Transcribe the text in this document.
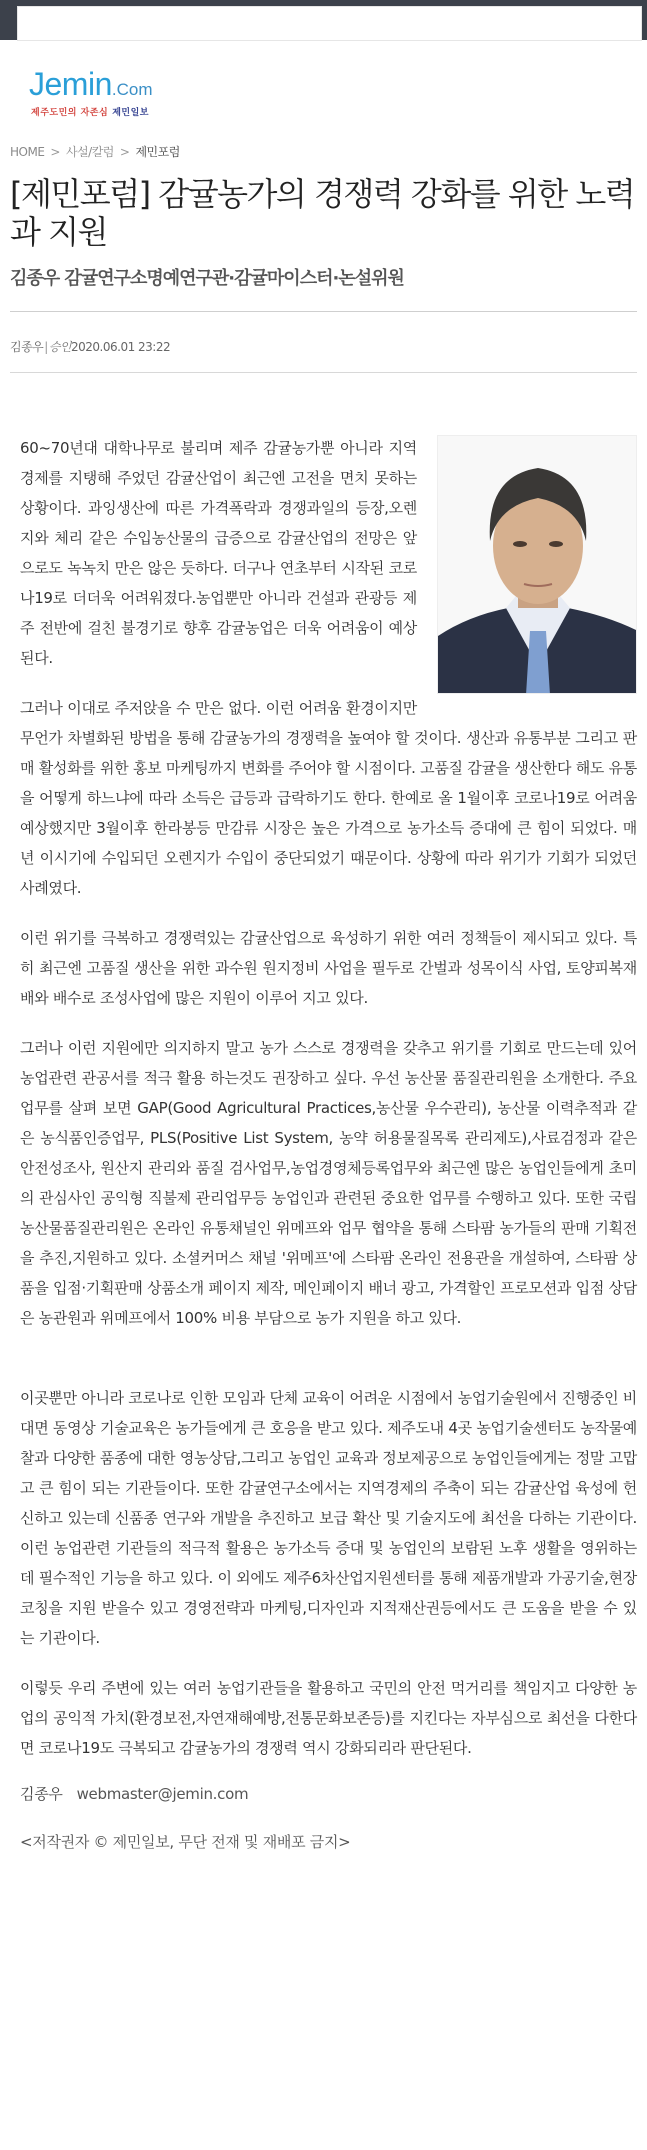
Jemin.Com
제주도민의 자존심 제민일보
HOME > 사설/칼럼 > 제민포럼
[제민포럼] 감귤농가의 경쟁력 강화를 위한 노력과 지원
김종우 감귤연구소명예연구관·감귤마이스터·논설위원
김종우|승인2020.06.01 23:22

60~70년대 대학나무로 불리며 제주 감귤농가뿐 아니라 지역경제를 지탱해 주었던 감귤산업이 최근엔 고전을 면치 못하는 상황이다. 과잉생산에 따른 가격폭락과 경쟁과일의 등장,오렌지와 체리 같은 수입농산물의 급증으로 감귤산업의 전망은 앞으로도 녹녹치 만은 않은 듯하다. 더구나 연초부터 시작된 코로나19로 더더욱 어려워졌다.농업뿐만 아니라 건설과 관광등 제주 전반에 걸친 불경기로 향후 감귤농업은 더욱 어려움이 예상된다.

그러나 이대로 주저앉을 수 만은 없다. 이런 어려움 환경이지만 무언가 차별화된 방법을 통해 감귤농가의 경쟁력을 높여야 할 것이다. 생산과 유통부분 그리고 판매 활성화를 위한 홍보 마케팅까지 변화를 주어야 할 시점이다. 고품질 감귤을 생산한다 해도 유통을 어떻게 하느냐에 따라 소득은 급등과 급락하기도 한다. 한예로 올 1월이후 코로나19로 어려움 예상했지만 3월이후 한라봉등 만감류 시장은 높은 가격으로 농가소득 증대에 큰 힘이 되었다. 매년 이시기에 수입되던 오렌지가 수입이 중단되었기 때문이다. 상황에 따라 위기가 기회가 되었던 사례였다.

이런 위기를 극복하고 경쟁력있는 감귤산업으로 육성하기 위한 여러 정책들이 제시되고 있다. 특히 최근엔 고품질 생산을 위한 과수원 원지정비 사업을 필두로 간벌과 성목이식 사업, 토양피복재배와 배수로 조성사업에 많은 지원이 이루어 지고 있다.

그러나 이런 지원에만 의지하지 말고 농가 스스로 경쟁력을 갖추고 위기를 기회로 만드는데 있어 농업관련 관공서를 적극 활용 하는것도 권장하고 싶다. 우선 농산물 품질관리원을 소개한다. 주요업무를 살펴 보면 GAP(Good Agricultural Practices,농산물 우수관리), 농산물 이력추적과 같은 농식품인증업무, PLS(Positive List System, 농약 허용물질목록 관리제도),사료검정과 같은 안전성조사, 원산지 관리와 품질 검사업무,농업경영체등록업무와 최근엔 많은 농업인들에게 초미의 관심사인 공익형 직불제 관리업무등 농업인과 관련된 중요한 업무를 수행하고 있다. 또한 국립농산물품질관리원은 온라인 유통채널인 위메프와 업무 협약을 통해 스타팜 농가들의 판매 기획전을 추진,지원하고 있다. 소셜커머스 채널 '위메프'에 스타팜 온라인 전용관을 개설하여, 스타팜 상품을 입점·기획판매 상품소개 페이지 제작, 메인페이지 배너 광고, 가격할인 프로모션과 입점 상담은 농관원과 위메프에서 100% 비용 부담으로 농가 지원을 하고 있다.

이곳뿐만 아니라 코로나로 인한 모임과 단체 교육이 어려운 시점에서 농업기술원에서 진행중인 비대면 동영상 기술교육은 농가들에게 큰 호응을 받고 있다. 제주도내 4곳 농업기술센터도 농작물예찰과 다양한 품종에 대한 영농상담,그리고 농업인 교육과 정보제공으로 농업인들에게는 정말 고맙고 큰 힘이 되는 기관들이다. 또한 감귤연구소에서는 지역경제의 주축이 되는 감귤산업 육성에 헌신하고 있는데 신품종 연구와 개발을 추진하고 보급 확산 및 기술지도에 최선을 다하는 기관이다. 이런 농업관련 기관들의 적극적 활용은 농가소득 증대 및 농업인의 보람된 노후 생활을 영위하는데 필수적인 기능을 하고 있다. 이 외에도 제주6차산업지원센터를 통해 제품개발과 가공기술,현장코칭을 지원 받을수 있고 경영전략과 마케팅,디자인과 지적재산권등에서도 큰 도움을 받을 수 있는 기관이다.

이렇듯 우리 주변에 있는 여러 농업기관들을 활용하고 국민의 안전 먹거리를 책임지고 다양한 농업의 공익적 가치(환경보전,자연재해예방,전통문화보존등)를 지킨다는 자부심으로 최선을 다한다면 코로나19도 극복되고 감귤농가의 경쟁력 역시 강화되리라 판단된다.

김종우 webmaster@jemin.com
<저작권자 © 제민일보, 무단 전재 및 재배포 금지>
